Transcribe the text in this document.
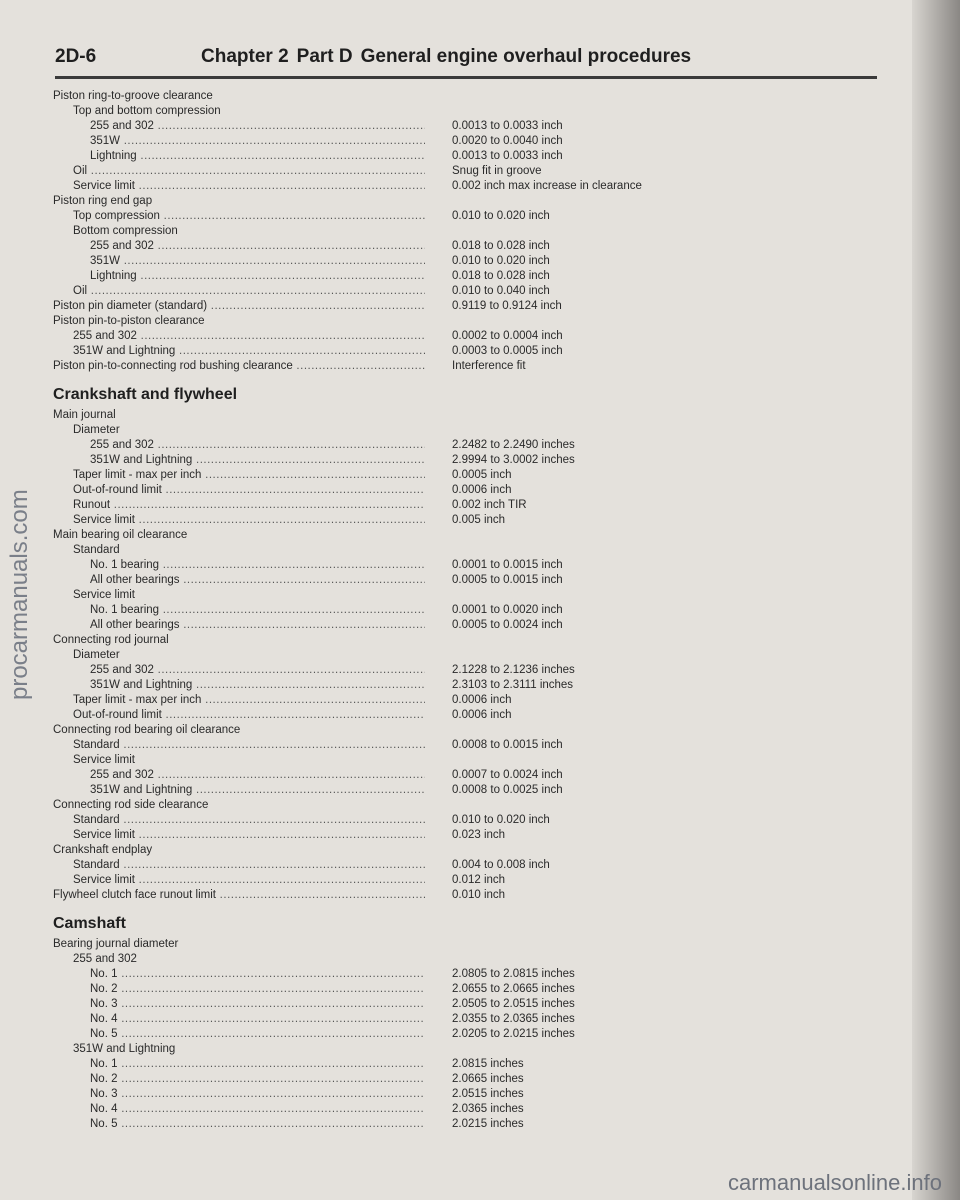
2D-6	Chapter 2 Part D General engine overhaul procedures
Piston ring-to-groove clearance
Top and bottom compression
255 and 302 .....	0.0013 to 0.0033 inch
351W .....	0.0020 to 0.0040 inch
Lightning .....	0.0013 to 0.0033 inch
Oil .....	Snug fit in groove
Service limit .....	0.002 inch max increase in clearance
Piston ring end gap
Top compression .....	0.010 to 0.020 inch
Bottom compression
255 and 302 .....	0.018 to 0.028 inch
351W .....	0.010 to 0.020 inch
Lightning .....	0.018 to 0.028 inch
Oil .....	0.010 to 0.040 inch
Piston pin diameter (standard) .....	0.9119 to 0.9124 inch
Piston pin-to-piston clearance
255 and 302 .....	0.0002 to 0.0004 inch
351W and Lightning .....	0.0003 to 0.0005 inch
Piston pin-to-connecting rod bushing clearance .....	Interference fit
Crankshaft and flywheel
Main journal
Diameter
255 and 302 .....	2.2482 to 2.2490 inches
351W and Lightning .....	2.9994 to 3.0002 inches
Taper limit - max per inch .....	0.0005 inch
Out-of-round limit .....	0.0006 inch
Runout .....	0.002 inch TIR
Service limit .....	0.005 inch
Main bearing oil clearance
Standard
No. 1 bearing .....	0.0001 to 0.0015 inch
All other bearings .....	0.0005 to 0.0015 inch
Service limit
No. 1 bearing .....	0.0001 to 0.0020 inch
All other bearings .....	0.0005 to 0.0024 inch
Connecting rod journal
Diameter
255 and 302 .....	2.1228 to 2.1236 inches
351W and Lightning .....	2.3103 to 2.3111 inches
Taper limit - max per inch .....	0.0006 inch
Out-of-round limit .....	0.0006 inch
Connecting rod bearing oil clearance
Standard .....	0.0008 to 0.0015 inch
Service limit
255 and 302 .....	0.0007 to 0.0024 inch
351W and Lightning .....	0.0008 to 0.0025 inch
Connecting rod side clearance
Standard .....	0.010 to 0.020 inch
Service limit .....	0.023 inch
Crankshaft endplay
Standard .....	0.004 to 0.008 inch
Service limit .....	0.012 inch
Flywheel clutch face runout limit .....	0.010 inch
Camshaft
Bearing journal diameter
255 and 302
No. 1 .....	2.0805 to 2.0815 inches
No. 2 .....	2.0655 to 2.0665 inches
No. 3 .....	2.0505 to 2.0515 inches
No. 4 .....	2.0355 to 2.0365 inches
No. 5 .....	2.0205 to 2.0215 inches
351W and Lightning
No. 1 .....	2.0815 inches
No. 2 .....	2.0665 inches
No. 3 .....	2.0515 inches
No. 4 .....	2.0365 inches
No. 5 .....	2.0215 inches
procarmanuals.com
carmanualsonline.info
